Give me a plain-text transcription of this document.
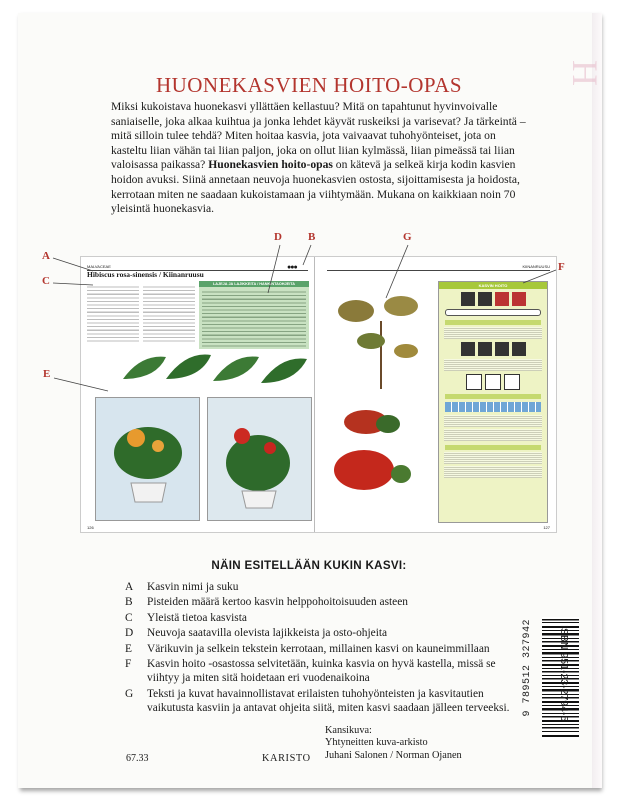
HUONEKASVIEN HOITO-OPAS

Miksi kukoistava huonekasvi yllättäen kellastuu? Mitä on tapahtunut hyvinvoivalle saniaiselle, joka alkaa kuihtua ja jonka lehdet käyvät ruskeiksi ja varisevat? Ja tärkeintä – mitä silloin tulee tehdä? Miten hoitaa kasvia, jota vaivaavat tuhohyönteiset, jota on kasteltu liian vähän tai liian paljon, joka on ollut liian kylmässä, liian pimeässä tai liian valoisassa paikassa? Huonekasvien hoito-opas on kätevä ja selkeä kirja kodin kasvien hoidon avuksi. Siinä annetaan neuvoja huonekasvien ostosta, sijoittamisesta ja hoidosta, kerrotaan miten ne saadaan kukoistamaan ja viihtymään. Mukana on kaikkiaan noin 70 yleisintä huonekasvia.

MALVACEAE	●●●
Hibiscus rosa-sinensis / Kiinanruusu
LAJEJA JA LAJIKKEITA / HANKINTAOHJEITA
126
KIINANRUUSU
KASVIN HOITO
127
A
B
C
D
E
F
G
NÄIN ESITELLÄÄN KUKIN KASVI:
A	Kasvin nimi ja suku
B	Pisteiden määrä kertoo kasvin helppohoitoisuuden asteen
C	Yleistä tietoa kasvista
D	Neuvoja saatavilla olevista lajikkeista ja osto-ohjeita
E	Värikuvin ja selkein tekstein kerrotaan, millainen kasvi on kauneimmillaan
F	Kasvin hoito -osastossa selvitetään, kuinka kasvia on hyvä kastella, missä se viihtyy ja miten sitä hoidetaan eri vuodenaikoina
G	Teksti ja kuvat havainnollistavat erilaisten tuhohyönteisten ja kasvitautien vaikutusta kasviin ja antavat ohjeita siitä, miten kasvi saadaan jälleen terveeksi.
Kansikuva:
Yhtyneitten kuva-arkisto
Juhani Salonen / Norman Ojanen
67.33	KARISTO
9 789512 327942 ISBN 951-23-2794-5
